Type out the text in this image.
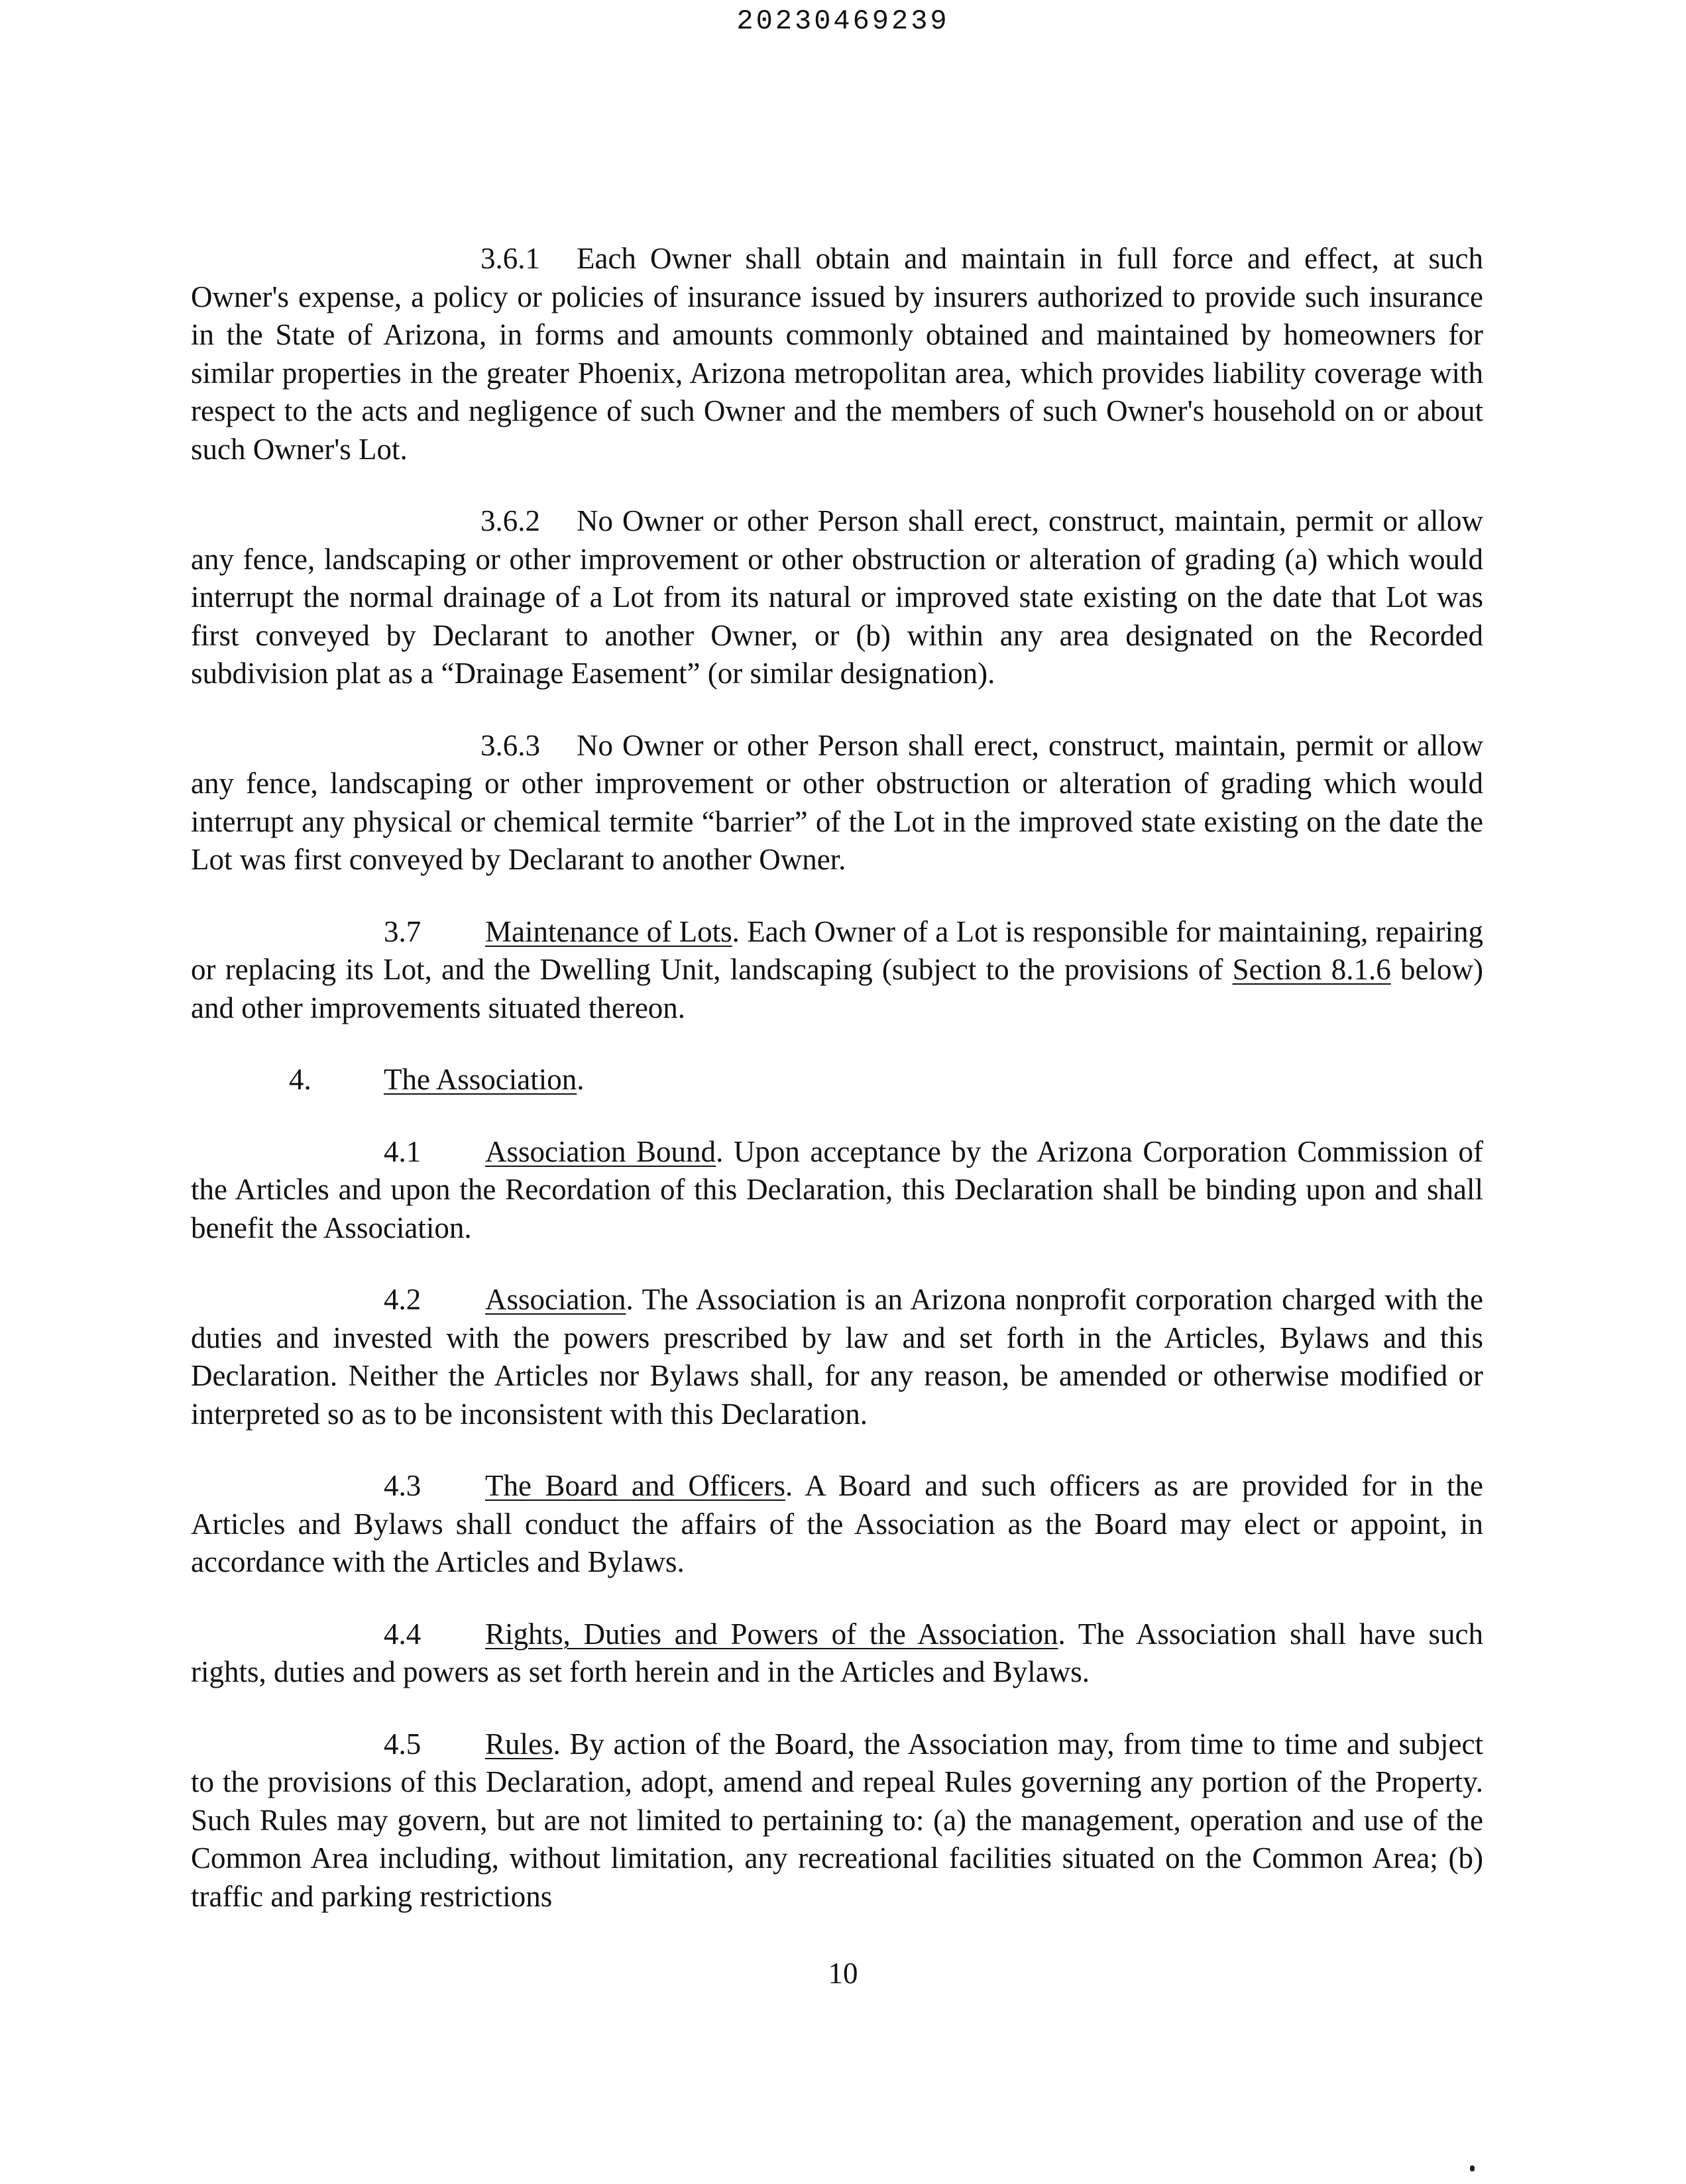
20230469239

3.6.1 Each Owner shall obtain and maintain in full force and effect, at such Owner's expense, a policy or policies of insurance issued by insurers authorized to provide such insurance in the State of Arizona, in forms and amounts commonly obtained and maintained by homeowners for similar properties in the greater Phoenix, Arizona metropolitan area, which provides liability coverage with respect to the acts and negligence of such Owner and the members of such Owner's household on or about such Owner's Lot.

3.6.2 No Owner or other Person shall erect, construct, maintain, permit or allow any fence, landscaping or other improvement or other obstruction or alteration of grading (a) which would interrupt the normal drainage of a Lot from its natural or improved state existing on the date that Lot was first conveyed by Declarant to another Owner, or (b) within any area designated on the Recorded subdivision plat as a “Drainage Easement” (or similar designation).

3.6.3 No Owner or other Person shall erect, construct, maintain, permit or allow any fence, landscaping or other improvement or other obstruction or alteration of grading which would interrupt any physical or chemical termite “barrier” of the Lot in the improved state existing on the date the Lot was first conveyed by Declarant to another Owner.

3.7 Maintenance of Lots. Each Owner of a Lot is responsible for maintaining, repairing or replacing its Lot, and the Dwelling Unit, landscaping (subject to the provisions of Section 8.1.6 below) and other improvements situated thereon.

4. The Association.

4.1 Association Bound. Upon acceptance by the Arizona Corporation Commission of the Articles and upon the Recordation of this Declaration, this Declaration shall be binding upon and shall benefit the Association.

4.2 Association. The Association is an Arizona nonprofit corporation charged with the duties and invested with the powers prescribed by law and set forth in the Articles, Bylaws and this Declaration. Neither the Articles nor Bylaws shall, for any reason, be amended or otherwise modified or interpreted so as to be inconsistent with this Declaration.

4.3 The Board and Officers. A Board and such officers as are provided for in the Articles and Bylaws shall conduct the affairs of the Association as the Board may elect or appoint, in accordance with the Articles and Bylaws.

4.4 Rights, Duties and Powers of the Association. The Association shall have such rights, duties and powers as set forth herein and in the Articles and Bylaws.

4.5 Rules. By action of the Board, the Association may, from time to time and subject to the provisions of this Declaration, adopt, amend and repeal Rules governing any portion of the Property. Such Rules may govern, but are not limited to pertaining to: (a) the management, operation and use of the Common Area including, without limitation, any recreational facilities situated on the Common Area; (b) traffic and parking restrictions

10
